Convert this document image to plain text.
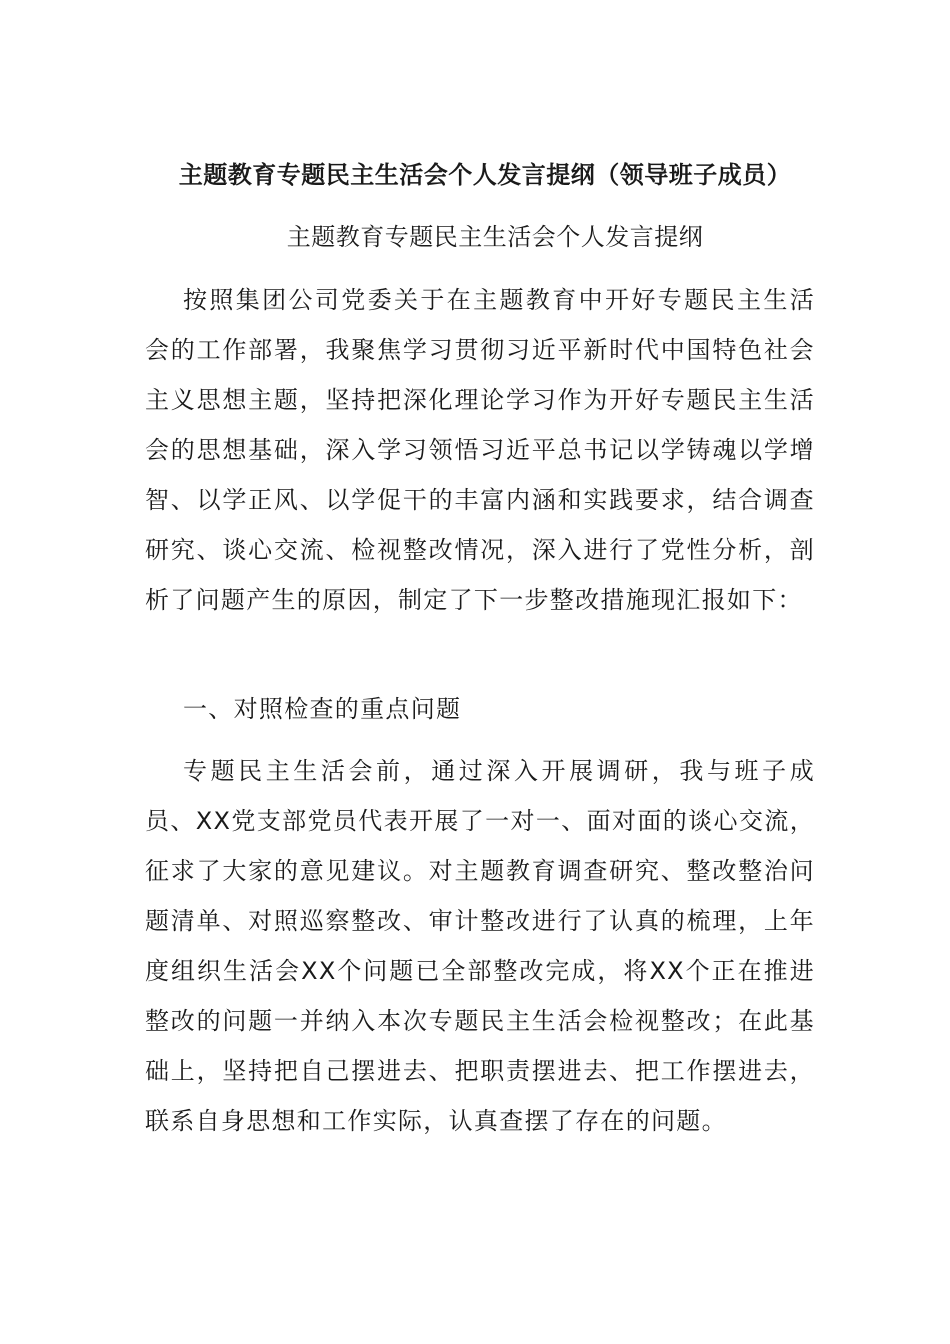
主题教育专题民主生活会个人发言提纲（领导班子成员）
主题教育专题民主生活会个人发言提纲

按照集团公司党委关于在主题教育中开好专题民主生活会的工作部署，我聚焦学习贯彻习近平新时代中国特色社会主义思想主题，坚持把深化理论学习作为开好专题民主生活会的思想基础，深入学习领悟习近平总书记以学铸魂以学增智、以学正风、以学促干的丰富内涵和实践要求，结合调查研究、谈心交流、检视整改情况，深入进行了党性分析，剖析了问题产生的原因，制定了下一步整改措施现汇报如下：

一、对照检查的重点问题

专题民主生活会前，通过深入开展调研，我与班子成员、XX党支部党员代表开展了一对一、面对面的谈心交流，征求了大家的意见建议。对主题教育调查研究、整改整治问题清单、对照巡察整改、审计整改进行了认真的梳理，上年度组织生活会XX个问题已全部整改完成，将XX个正在推进整改的问题一并纳入本次专题民主生活会检视整改；在此基础上，坚持把自己摆进去、把职责摆进去、把工作摆进去，联系自身思想和工作实际，认真查摆了存在的问题。
